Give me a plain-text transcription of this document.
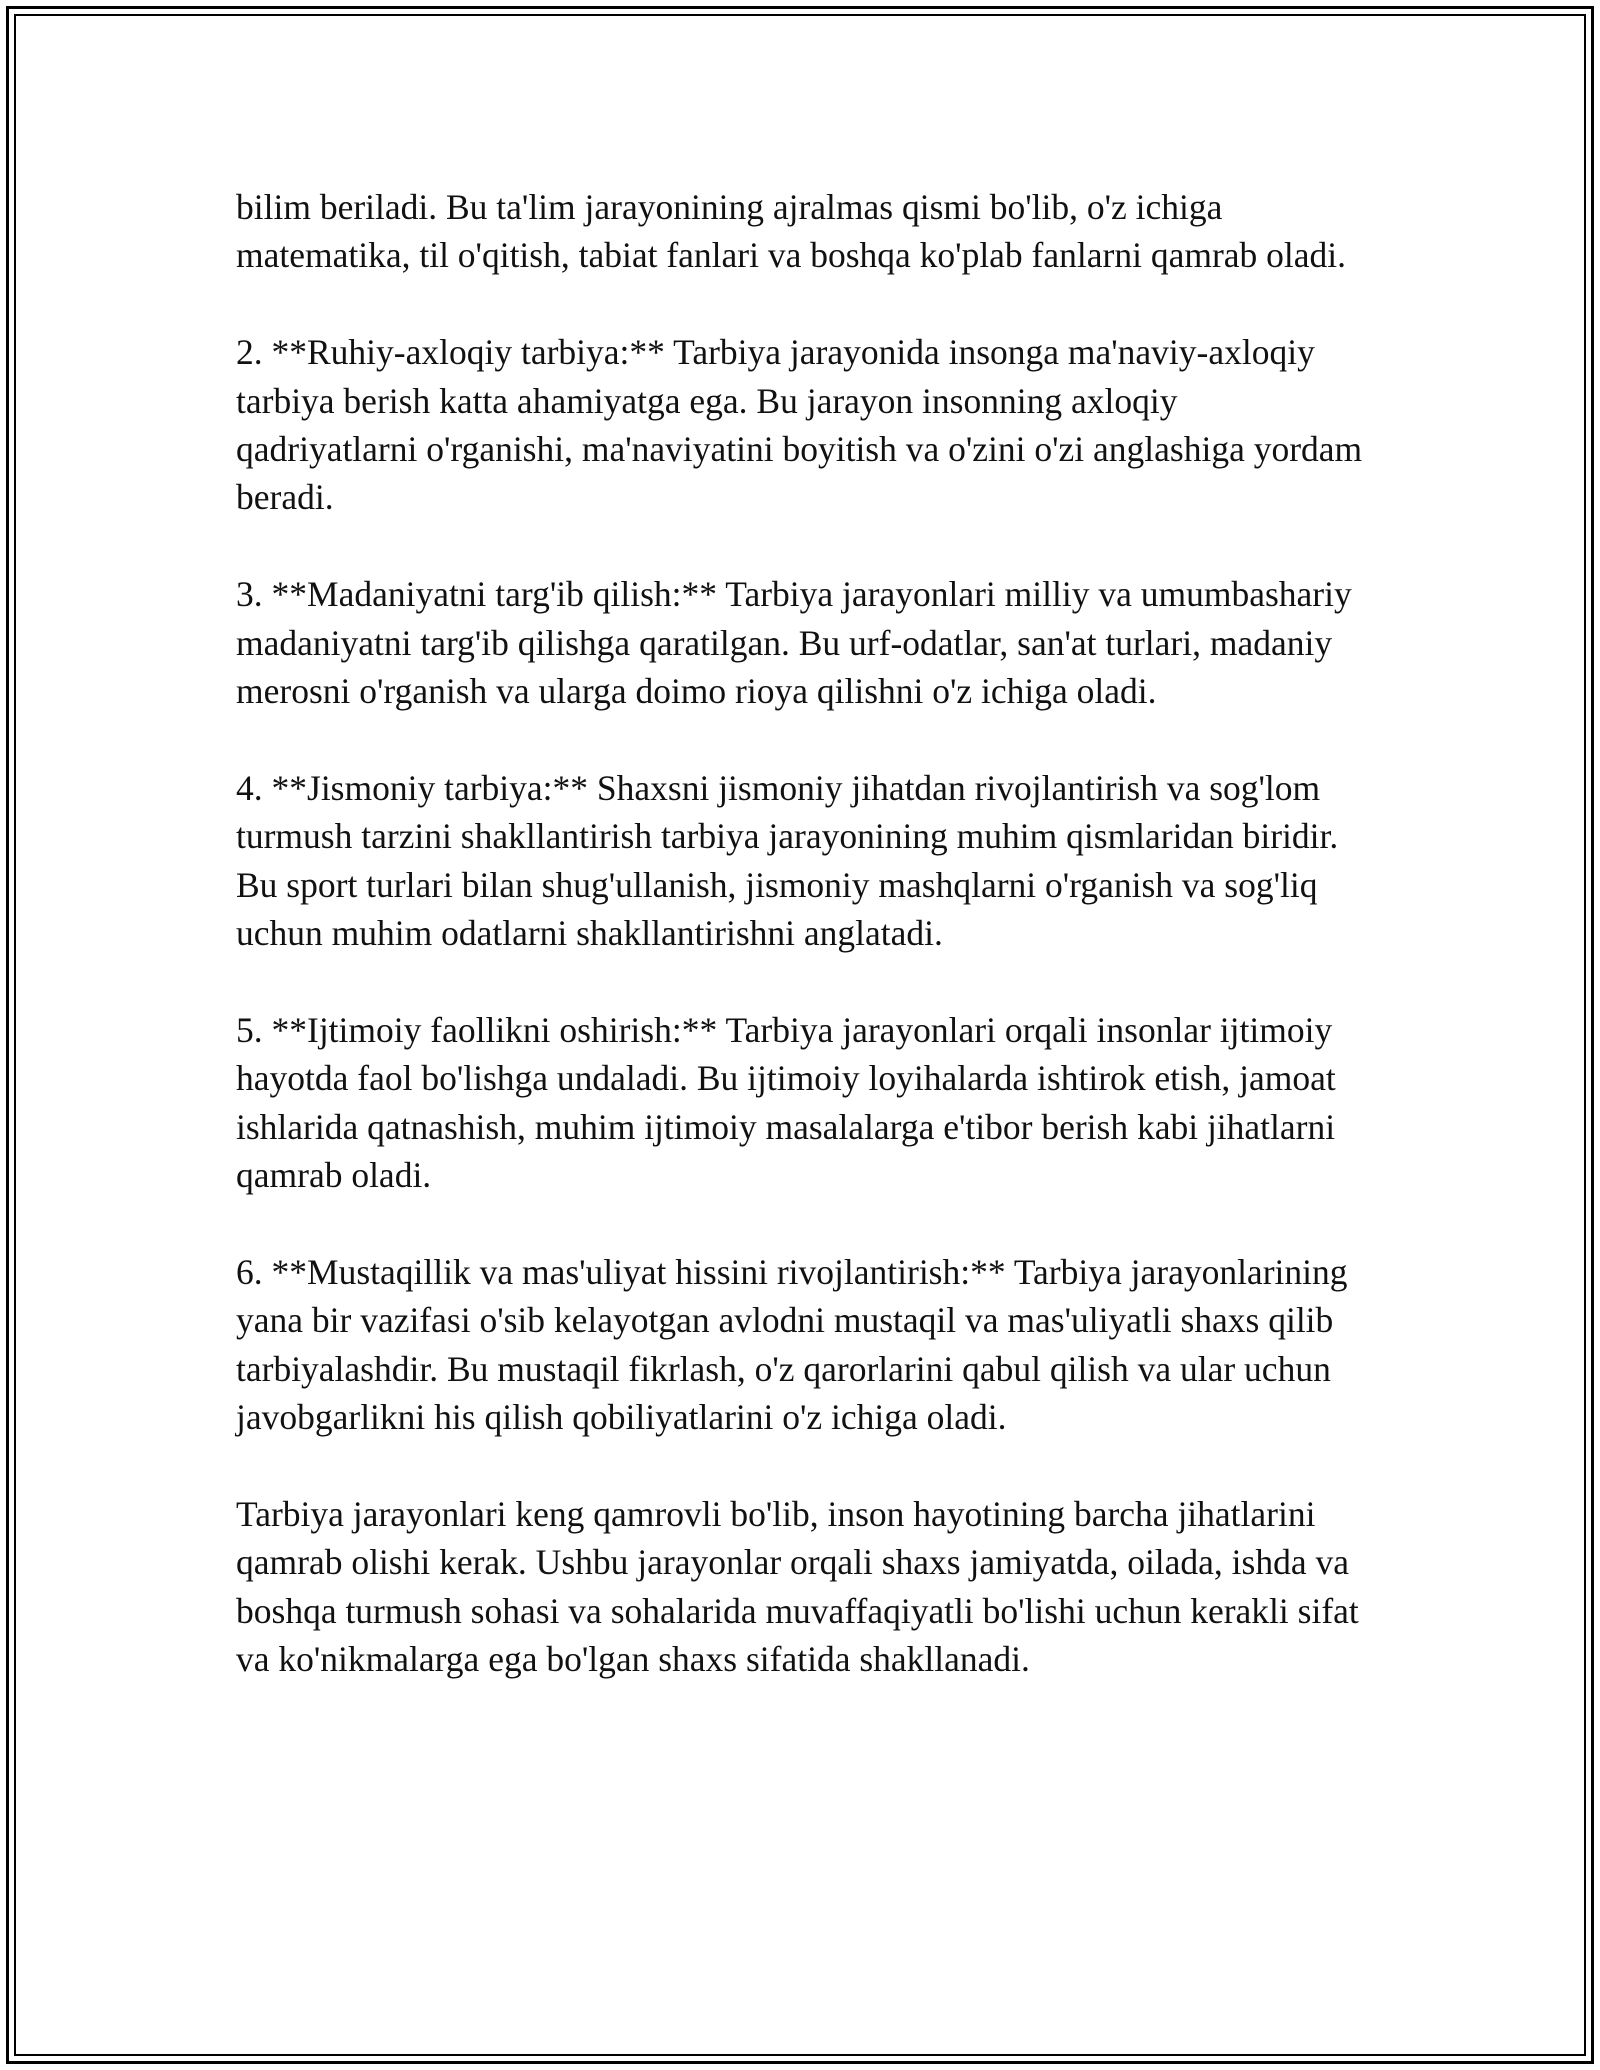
bilim beriladi. Bu ta'lim jarayonining ajralmas qismi bo'lib, o'z ichiga matematika, til o'qitish, tabiat fanlari va boshqa ko'plab fanlarni qamrab oladi.

2. **Ruhiy-axloqiy tarbiya:** Tarbiya jarayonida insonga ma'naviy-axloqiy tarbiya berish katta ahamiyatga ega. Bu jarayon insonning axloqiy qadriyatlarni o'rganishi, ma'naviyatini boyitish va o'zini o'zi anglashiga yordam beradi.

3. **Madaniyatni targ'ib qilish:** Tarbiya jarayonlari milliy va umumbashariy madaniyatni targ'ib qilishga qaratilgan. Bu urf-odatlar, san'at turlari, madaniy merosni o'rganish va ularga doimo rioya qilishni o'z ichiga oladi.

4. **Jismoniy tarbiya:** Shaxsni jismoniy jihatdan rivojlantirish va sog'lom turmush tarzini shakllantirish tarbiya jarayonining muhim qismlaridan biridir. Bu sport turlari bilan shug'ullanish, jismoniy mashqlarni o'rganish va sog'liq uchun muhim odatlarni shakllantirishni anglatadi.

5. **Ijtimoiy faollikni oshirish:** Tarbiya jarayonlari orqali insonlar ijtimoiy hayotda faol bo'lishga undaladi. Bu ijtimoiy loyihalarda ishtirok etish, jamoat ishlarida qatnashish, muhim ijtimoiy masalalarga e'tibor berish kabi jihatlarni qamrab oladi.

6. **Mustaqillik va mas'uliyat hissini rivojlantirish:** Tarbiya jarayonlarining yana bir vazifasi o'sib kelayotgan avlodni mustaqil va mas'uliyatli shaxs qilib tarbiyalashdir. Bu mustaqil fikrlash, o'z qarorlarini qabul qilish va ular uchun javobgarlikni his qilish qobiliyatlarini o'z ichiga oladi.

Tarbiya jarayonlari keng qamrovli bo'lib, inson hayotining barcha jihatlarini qamrab olishi kerak. Ushbu jarayonlar orqali shaxs jamiyatda, oilada, ishda va boshqa turmush sohasi va sohalarida muvaffaqiyatli bo'lishi uchun kerakli sifat va ko'nikmalarga ega bo'lgan shaxs sifatida shakllanadi.
